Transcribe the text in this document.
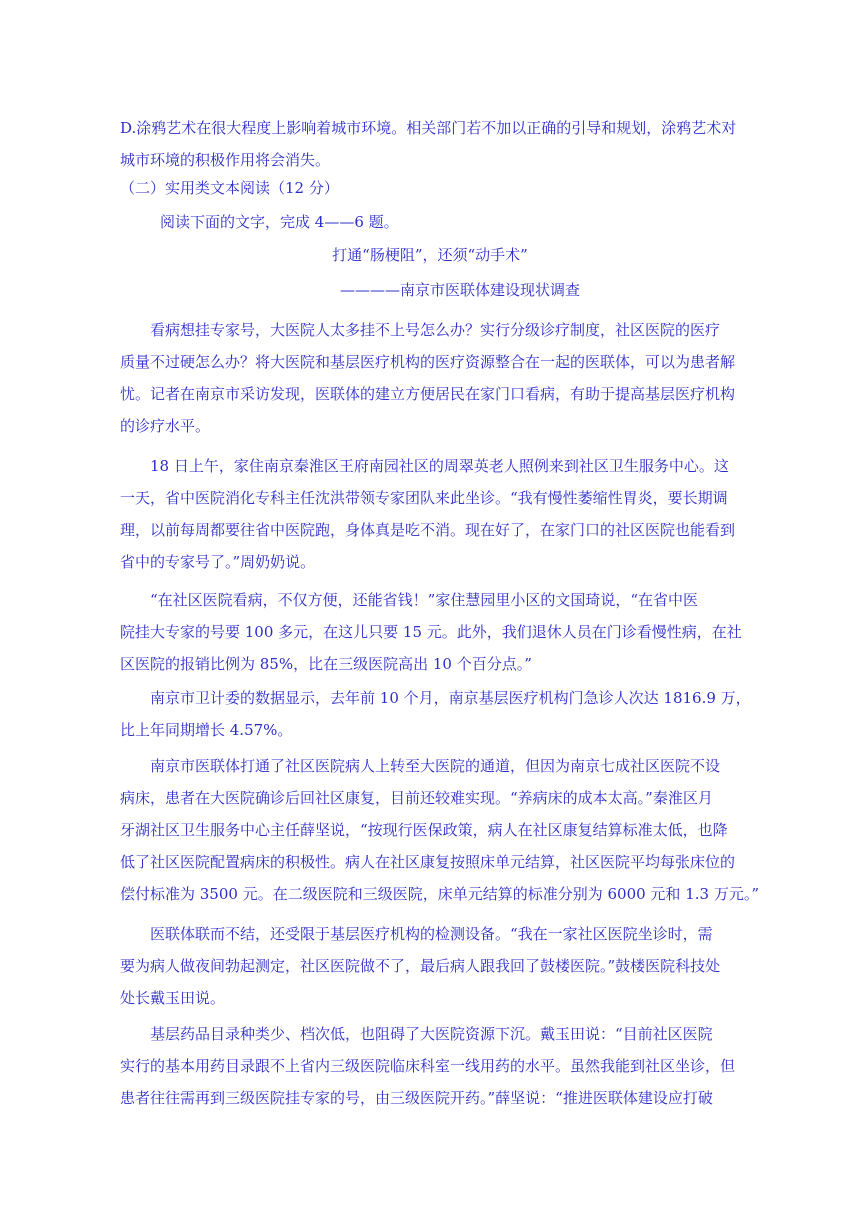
D.涂鸦艺术在很大程度上影响着城市环境。相关部门若不加以正确的引导和规划，涂鸦艺术对
城市环境的积极作用将会消失。
（二）实用类文本阅读（12 分）
阅读下面的文字，完成 4——6 题。
打通“肠梗阻”，还须“动手术”
————南京市医联体建设现状调查
看病想挂专家号，大医院人太多挂不上号怎么办？实行分级诊疗制度，社区医院的医疗
质量不过硬怎么办？将大医院和基层医疗机构的医疗资源整合在一起的医联体，可以为患者解
忧。记者在南京市采访发现，医联体的建立方便居民在家门口看病，有助于提高基层医疗机构
的诊疗水平。
18 日上午，家住南京秦淮区王府南园社区的周翠英老人照例来到社区卫生服务中心。这
一天，省中医院消化专科主任沈洪带领专家团队来此坐诊。“我有慢性萎缩性胃炎，要长期调
理，以前每周都要往省中医院跑，身体真是吃不消。现在好了，在家门口的社区医院也能看到
省中的专家号了。”周奶奶说。
“在社区医院看病，不仅方便，还能省钱！”家住慧园里小区的文国琦说，“在省中医
院挂大专家的号要 100 多元，在这儿只要 15 元。此外，我们退休人员在门诊看慢性病，在社
区医院的报销比例为 85%，比在三级医院高出 10 个百分点。”
南京市卫计委的数据显示，去年前 10 个月，南京基层医疗机构门急诊人次达 1816.9 万，
比上年同期增长 4.57%。
南京市医联体打通了社区医院病人上转至大医院的通道，但因为南京七成社区医院不设
病床，患者在大医院确诊后回社区康复，目前还较难实现。“养病床的成本太高。”秦淮区月
牙湖社区卫生服务中心主任薛坚说，“按现行医保政策，病人在社区康复结算标准太低，也降
低了社区医院配置病床的积极性。病人在社区康复按照床单元结算，社区医院平均每张床位的
偿付标准为 3500 元。在二级医院和三级医院，床单元结算的标准分别为 6000 元和 1.3 万元。”
医联体联而不结，还受限于基层医疗机构的检测设备。“我在一家社区医院坐诊时，需
要为病人做夜间勃起测定，社区医院做不了，最后病人跟我回了鼓楼医院。”鼓楼医院科技处
处长戴玉田说。
基层药品目录种类少、档次低，也阻碍了大医院资源下沉。戴玉田说：“目前社区医院
实行的基本用药目录跟不上省内三级医院临床科室一线用药的水平。虽然我能到社区坐诊，但
患者往往需再到三级医院挂专家的号，由三级医院开药。”薛坚说：“推进医联体建设应打破
